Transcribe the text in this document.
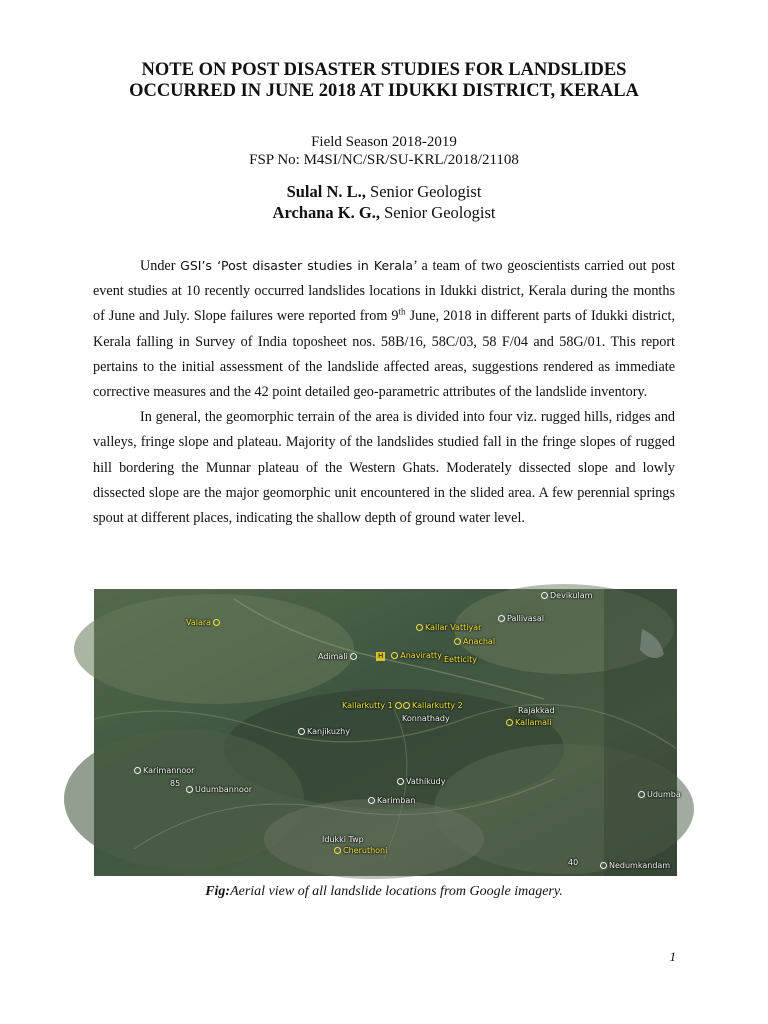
NOTE ON POST DISASTER STUDIES FOR LANDSLIDES
OCCURRED IN JUNE 2018 AT IDUKKI DISTRICT, KERALA
Field Season 2018-2019
FSP No: M4SI/NC/SR/SU-KRL/2018/21108
Sulal N. L., Senior Geologist
Archana K. G., Senior Geologist

Under GSI’s ‘Post disaster studies in Kerala’ a team of two geoscientists carried out post event studies at 10 recently occurred landslides locations in Idukki district, Kerala during the months of June and July. Slope failures were reported from 9th June, 2018 in different parts of Idukki district, Kerala falling in Survey of India toposheet nos. 58B/16, 58C/03, 58 F/04 and 58G/01. This report pertains to the initial assessment of the landslide affected areas, suggestions rendered as immediate corrective measures and the 42 point detailed geo-parametric attributes of the landslide inventory.

In general, the geomorphic terrain of the area is divided into four viz. rugged hills, ridges and valleys, fringe slope and plateau. Majority of the landslides studied fall in the fringe slopes of rugged hill bordering the Munnar plateau of the Western Ghats. Moderately dissected slope and lowly dissected slope are the major geomorphic unit encountered in the slided area. A few perennial springs spout at different places, indicating the shallow depth of ground water level.

Devikulam
Valara	Pallivasal
Kallar Vattiyar
Anachal
Eetticity
Adimali	H Anaviratty
Rajakkad
Kallarkutty 1	Kallarkutty 2
Konnathady	Kallamali
Kanjikuzhy
Karimannoor
85
Udumbannoor
Vathikudy
Udumba
Karimban
Idukki Twp
Cheruthoni
40	Nedumkandam
Fig:Aerial view of all landslide locations from Google imagery.
1
